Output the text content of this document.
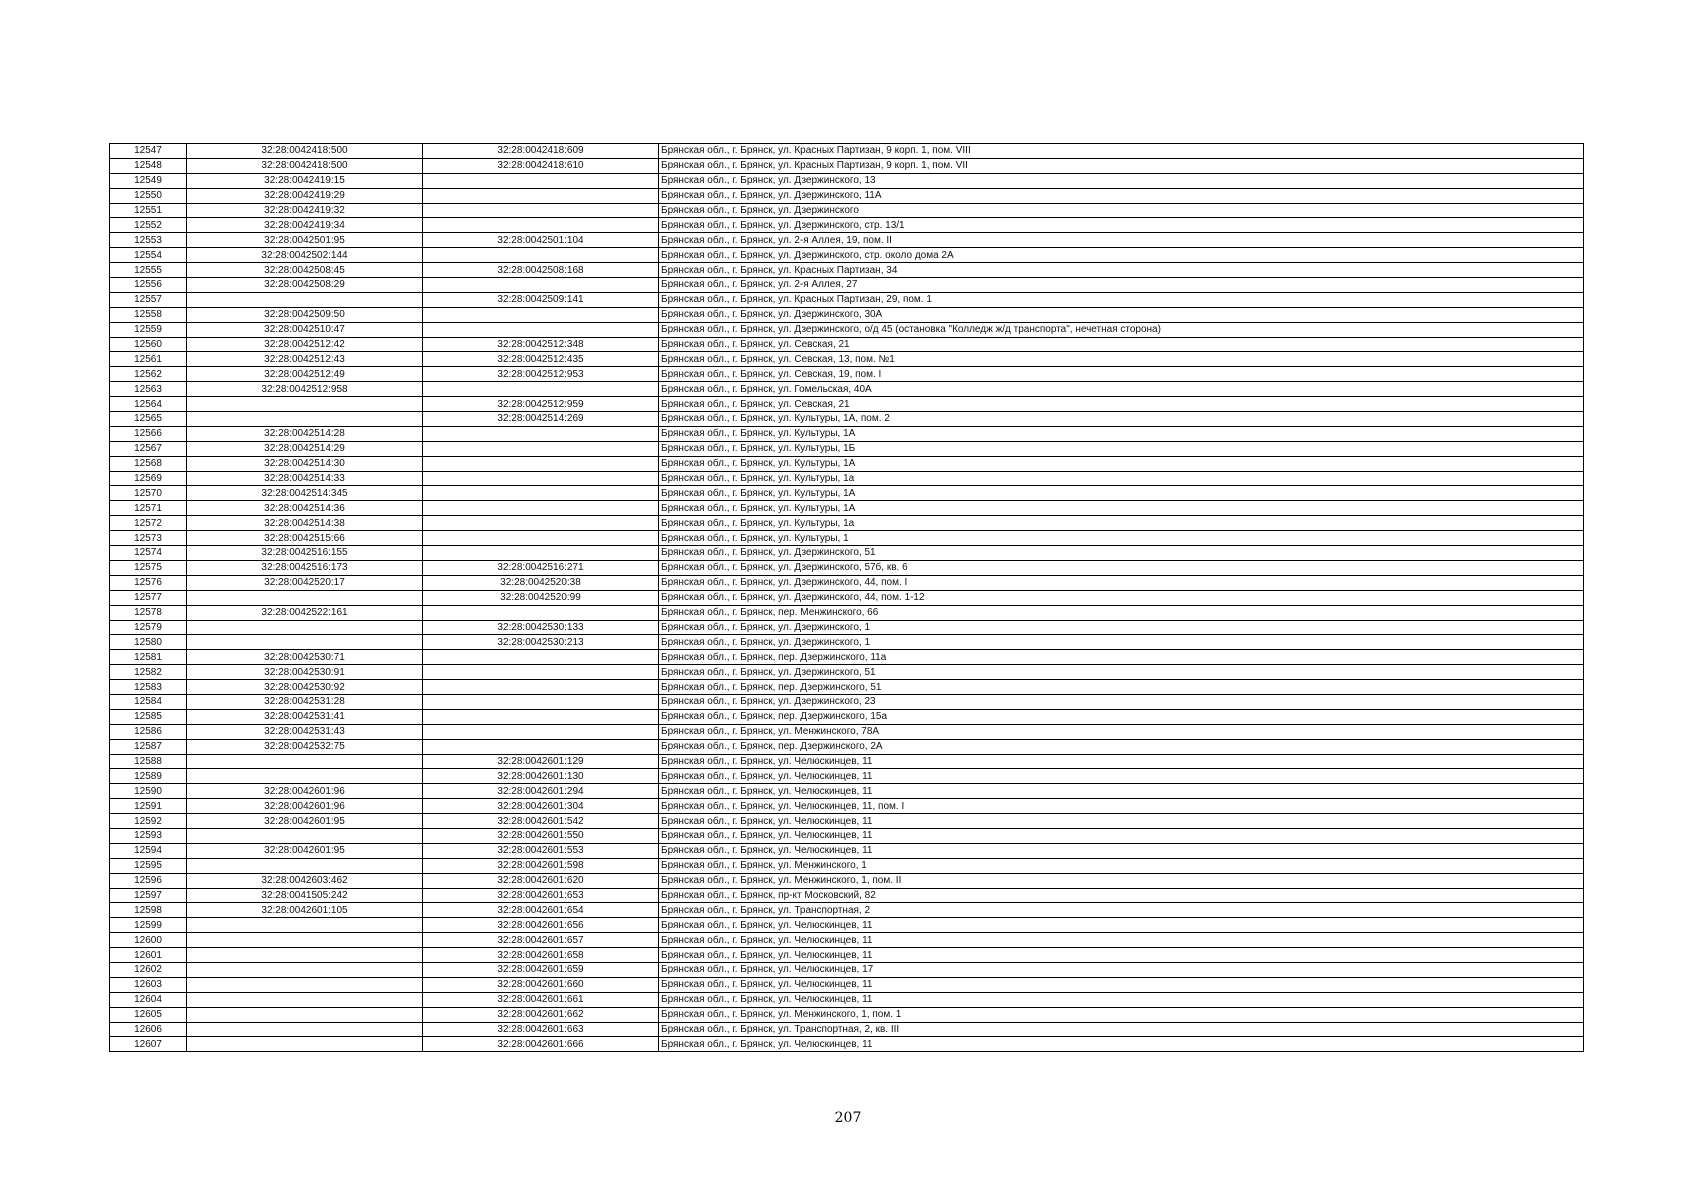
12547	32:28:0042418:500	32:28:0042418:609	Брянская обл., г. Брянск, ул. Красных Партизан, 9 корп. 1, пом. VIII
12548	32:28:0042418:500	32:28:0042418:610	Брянская обл., г. Брянск, ул. Красных Партизан, 9 корп. 1, пом. VII
12549	32:28:0042419:15		Брянская обл., г. Брянск, ул. Дзержинского, 13
12550	32:28:0042419:29		Брянская обл., г. Брянск, ул. Дзержинского, 11А
12551	32:28:0042419:32		Брянская обл., г. Брянск, ул. Дзержинского
12552	32:28:0042419:34		Брянская обл., г. Брянск, ул. Дзержинского, стр. 13/1
12553	32:28:0042501:95	32:28:0042501:104	Брянская обл., г. Брянск, ул. 2-я Аллея, 19, пом. II
12554	32:28:0042502:144		Брянская обл., г. Брянск, ул. Дзержинского, стр. около дома 2А
12555	32:28:0042508:45	32:28:0042508:168	Брянская обл., г. Брянск, ул. Красных Партизан, 34
12556	32:28:0042508:29		Брянская обл., г. Брянск, ул. 2-я Аллея, 27
12557		32:28:0042509:141	Брянская обл., г. Брянск, ул. Красных Партизан, 29, пом. 1
12558	32:28:0042509:50		Брянская обл., г. Брянск, ул. Дзержинского, 30А
12559	32:28:0042510:47		Брянская обл., г. Брянск, ул. Дзержинского, о/д 45 (остановка "Колледж ж/д транспорта", нечетная сторона)
12560	32:28:0042512:42	32:28:0042512:348	Брянская обл., г. Брянск, ул. Севская, 21
12561	32:28:0042512:43	32:28:0042512:435	Брянская обл., г. Брянск, ул. Севская, 13, пом. №1
12562	32:28:0042512:49	32:28:0042512:953	Брянская обл., г. Брянск, ул. Севская, 19, пом. I
12563	32:28:0042512:958		Брянская обл., г. Брянск, ул. Гомельская, 40А
12564		32:28:0042512:959	Брянская обл., г. Брянск, ул. Севская, 21
12565		32:28:0042514:269	Брянская обл., г. Брянск, ул. Культуры, 1А, пом. 2
12566	32:28:0042514:28		Брянская обл., г. Брянск, ул. Культуры, 1А
12567	32:28:0042514:29		Брянская обл., г. Брянск, ул. Культуры, 1Б
12568	32:28:0042514:30		Брянская обл., г. Брянск, ул. Культуры, 1А
12569	32:28:0042514:33		Брянская обл., г. Брянск, ул. Культуры, 1а
12570	32:28:0042514:345		Брянская обл., г. Брянск, ул. Культуры, 1А
12571	32:28:0042514:36		Брянская обл., г. Брянск, ул. Культуры, 1А
12572	32:28:0042514:38		Брянская обл., г. Брянск, ул. Культуры, 1а
12573	32:28:0042515:66		Брянская обл., г. Брянск, ул. Культуры, 1
12574	32:28:0042516:155		Брянская обл., г. Брянск, ул. Дзержинского, 51
12575	32:28:0042516:173	32:28:0042516:271	Брянская обл., г. Брянск, ул. Дзержинского, 57б, кв. 6
12576	32:28:0042520:17	32:28:0042520:38	Брянская обл., г. Брянск, ул. Дзержинского, 44, пом. I
12577		32:28:0042520:99	Брянская обл., г. Брянск, ул. Дзержинского, 44, пом. 1-12
12578	32:28:0042522:161		Брянская обл., г. Брянск, пер. Менжинского, 66
12579		32:28:0042530:133	Брянская обл., г. Брянск, ул. Дзержинского, 1
12580		32:28:0042530:213	Брянская обл., г. Брянск, ул. Дзержинского, 1
12581	32:28:0042530:71		Брянская обл., г. Брянск, пер. Дзержинского, 11а
12582	32:28:0042530:91		Брянская обл., г. Брянск, ул. Дзержинского, 51
12583	32:28:0042530:92		Брянская обл., г. Брянск, пер. Дзержинского, 51
12584	32:28:0042531:28		Брянская обл., г. Брянск, ул. Дзержинского, 23
12585	32:28:0042531:41		Брянская обл., г. Брянск, пер. Дзержинского, 15а
12586	32:28:0042531:43		Брянская обл., г. Брянск, ул. Менжинского, 78А
12587	32:28:0042532:75		Брянская обл., г. Брянск, пер. Дзержинского, 2А
12588		32:28:0042601:129	Брянская обл., г. Брянск, ул. Челюскинцев, 11
12589		32:28:0042601:130	Брянская обл., г. Брянск, ул. Челюскинцев, 11
12590	32:28:0042601:96	32:28:0042601:294	Брянская обл., г. Брянск, ул. Челюскинцев, 11
12591	32:28:0042601:96	32:28:0042601:304	Брянская обл., г. Брянск, ул. Челюскинцев, 11, пом. I
12592	32:28:0042601:95	32:28:0042601:542	Брянская обл., г. Брянск, ул. Челюскинцев, 11
12593		32:28:0042601:550	Брянская обл., г. Брянск, ул. Челюскинцев, 11
12594	32:28:0042601:95	32:28:0042601:553	Брянская обл., г. Брянск, ул. Челюскинцев, 11
12595		32:28:0042601:598	Брянская обл., г. Брянск, ул. Менжинского, 1
12596	32:28:0042603:462	32:28:0042601:620	Брянская обл., г. Брянск, ул. Менжинского, 1, пом. II
12597	32:28:0041505:242	32:28:0042601:653	Брянская обл., г. Брянск, пр-кт Московский, 82
12598	32:28:0042601:105	32:28:0042601:654	Брянская обл., г. Брянск, ул. Транспортная, 2
12599		32:28:0042601:656	Брянская обл., г. Брянск, ул. Челюскинцев, 11
12600		32:28:0042601:657	Брянская обл., г. Брянск, ул. Челюскинцев, 11
12601		32:28:0042601:658	Брянская обл., г. Брянск, ул. Челюскинцев, 11
12602		32:28:0042601:659	Брянская обл., г. Брянск, ул. Челюскинцев, 17
12603		32:28:0042601:660	Брянская обл., г. Брянск, ул. Челюскинцев, 11
12604		32:28:0042601:661	Брянская обл., г. Брянск, ул. Челюскинцев, 11
12605		32:28:0042601:662	Брянская обл., г. Брянск, ул. Менжинского, 1, пом. 1
12606		32:28:0042601:663	Брянская обл., г. Брянск, ул. Транспортная, 2, кв. III
12607		32:28:0042601:666	Брянская обл., г. Брянск, ул. Челюскинцев, 11
207
